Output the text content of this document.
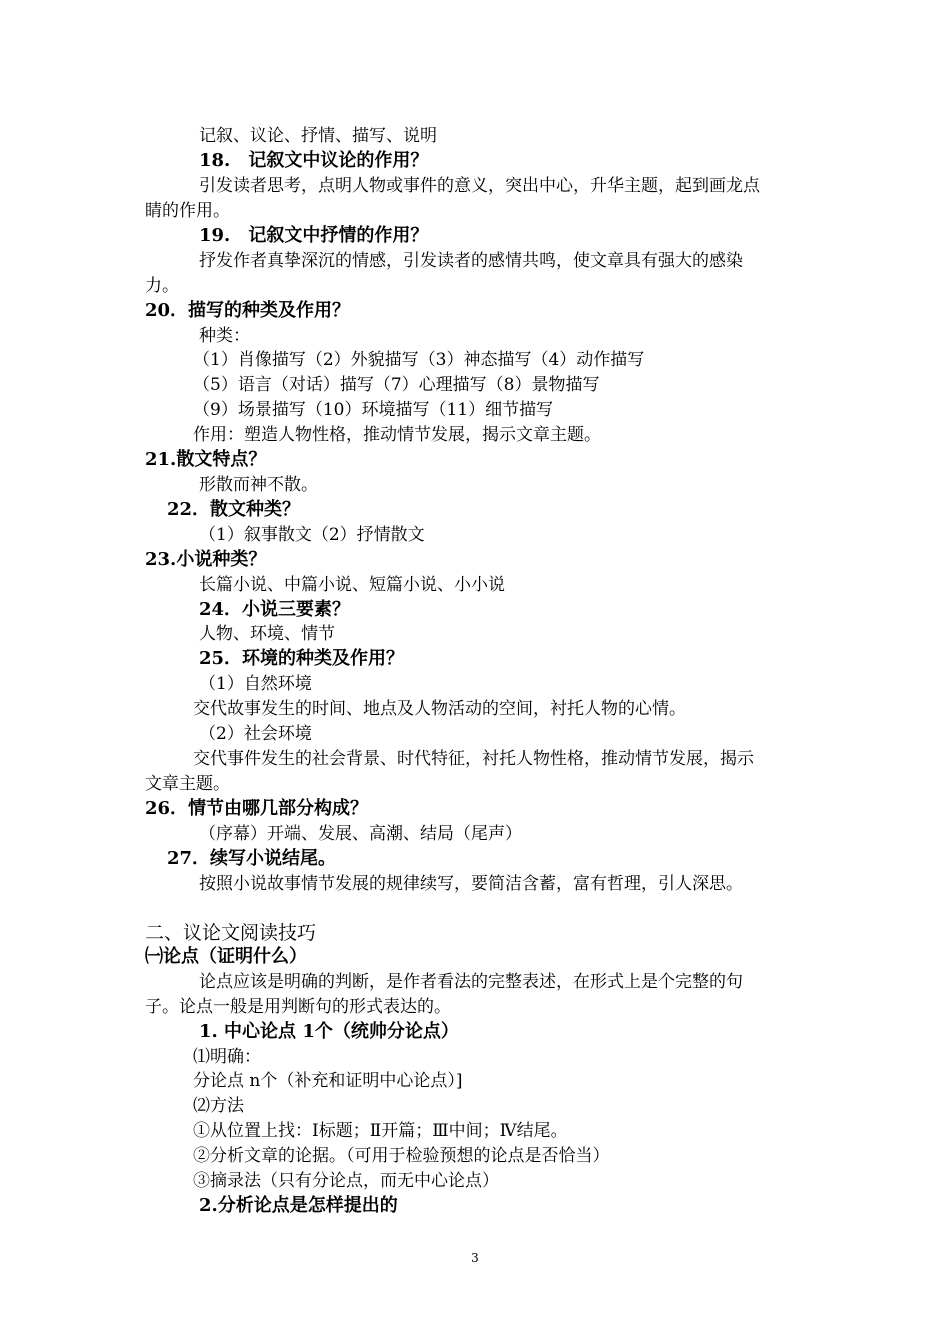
记叙、议论、抒情、描写、说明
18.　记叙文中议论的作用？
引发读者思考，点明人物或事件的意义，突出中心，升华主题，起到画龙点
睛的作用。
19.　记叙文中抒情的作用？
抒发作者真挚深沉的情感，引发读者的感情共鸣，使文章具有强大的感染
力。
20．描写的种类及作用？
种类：
（1）肖像描写（2）外貌描写（3）神态描写（4）动作描写
（5）语言（对话）描写（7）心理描写（8）景物描写
（9）场景描写（10）环境描写（11）细节描写
作用：塑造人物性格，推动情节发展，揭示文章主题。
21.散文特点？
形散而神不散。
22．散文种类？
（1）叙事散文（2）抒情散文
23.小说种类？
长篇小说、中篇小说、短篇小说、小小说
24．小说三要素？
人物、环境、情节
25．环境的种类及作用？
（1）自然环境
交代故事发生的时间、地点及人物活动的空间，衬托人物的心情。
（2）社会环境
交代事件发生的社会背景、时代特征，衬托人物性格，推动情节发展，揭示
文章主题。
26．情节由哪几部分构成？
（序幕）开端、发展、高潮、结局（尾声）
27．续写小说结尾。
按照小说故事情节发展的规律续写，要简洁含蓄，富有哲理，引人深思。
二、议论文阅读技巧
㈠论点（证明什么）
论点应该是明确的判断，是作者看法的完整表述，在形式上是个完整的句
子。论点一般是用判断句的形式表达的。
1. 中心论点 1个（统帅分论点）
⑴明确：
分论点 n个（补充和证明中心论点）]
⑵方法
①从位置上找：Ⅰ标题；Ⅱ开篇；Ⅲ中间；Ⅳ结尾。
②分析文章的论据。（可用于检验预想的论点是否恰当）
③摘录法（只有分论点，而无中心论点）
2.分析论点是怎样提出的
3
